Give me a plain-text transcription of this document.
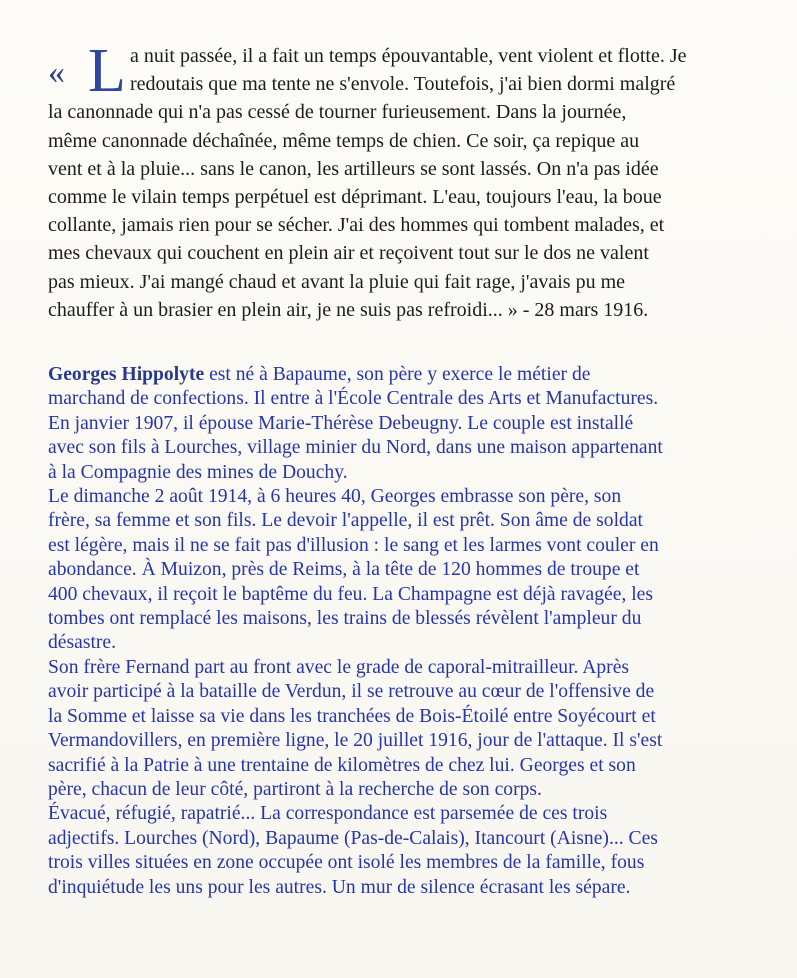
« L a nuit passée, il a fait un temps épouvantable, vent violent et flotte. Je
redoutais que ma tente ne s'envole. Toutefois, j'ai bien dormi malgré
la canonnade qui n'a pas cessé de tourner furieusement. Dans la journée,
même canonnade déchaînée, même temps de chien. Ce soir, ça repique au
vent et à la pluie... sans le canon, les artilleurs se sont lassés. On n'a pas idée
comme le vilain temps perpétuel est déprimant. L'eau, toujours l'eau, la boue
collante, jamais rien pour se sécher. J'ai des hommes qui tombent malades, et
mes chevaux qui couchent en plein air et reçoivent tout sur le dos ne valent
pas mieux. J'ai mangé chaud et avant la pluie qui fait rage, j'avais pu me
chauffer à un brasier en plein air, je ne suis pas refroidi... » - 28 mars 1916.
Georges Hippolyte est né à Bapaume, son père y exerce le métier de
marchand de confections. Il entre à l'École Centrale des Arts et Manufactures.
En janvier 1907, il épouse Marie-Thérèse Debeugny. Le couple est installé
avec son fils à Lourches, village minier du Nord, dans une maison appartenant
à la Compagnie des mines de Douchy.
Le dimanche 2 août 1914, à 6 heures 40, Georges embrasse son père, son
frère, sa femme et son fils. Le devoir l'appelle, il est prêt. Son âme de soldat
est légère, mais il ne se fait pas d'illusion : le sang et les larmes vont couler en
abondance. À Muizon, près de Reims, à la tête de 120 hommes de troupe et
400 chevaux, il reçoit le baptême du feu. La Champagne est déjà ravagée, les
tombes ont remplacé les maisons, les trains de blessés révèlent l'ampleur du
désastre.
Son frère Fernand part au front avec le grade de caporal-mitrailleur. Après
avoir participé à la bataille de Verdun, il se retrouve au cœur de l'offensive de
la Somme et laisse sa vie dans les tranchées de Bois-Étoilé entre Soyécourt et
Vermandovillers, en première ligne, le 20 juillet 1916, jour de l'attaque. Il s'est
sacrifié à la Patrie à une trentaine de kilomètres de chez lui. Georges et son
père, chacun de leur côté, partiront à la recherche de son corps.
Évacué, réfugié, rapatrié... La correspondance est parsemée de ces trois
adjectifs. Lourches (Nord), Bapaume (Pas-de-Calais), Itancourt (Aisne)... Ces
trois villes situées en zone occupée ont isolé les membres de la famille, fous
d'inquiétude les uns pour les autres. Un mur de silence écrasant les sépare.
